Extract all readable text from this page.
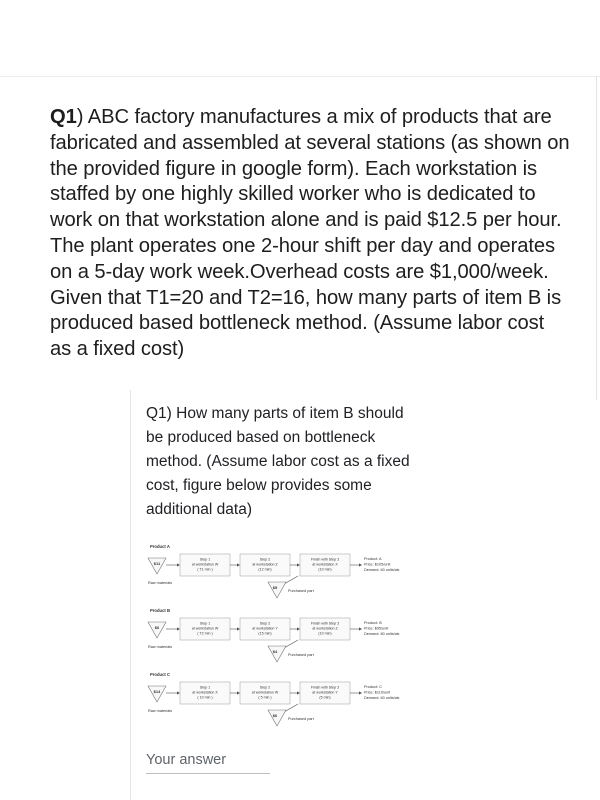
Q1) ABC factory manufactures a mix of products that are fabricated and assembled at several stations (as shown on the provided figure in google form). Each workstation is staffed by one highly skilled worker who is dedicated to work on that workstation alone and is paid $12.5 per hour. The plant operates one 2-hour shift per day and operates on a 5-day work week.Overhead costs are $1,000/week. Given that T1=20 and T2=16, how many parts of item B is produced based bottleneck method. (Assume labor cost as a fixed cost)
Q1) How many parts of item B should be produced based on bottleneck method. (Assume labor cost as a fixed cost, figure below provides some additional data)
Product A
$11
Raw materials
Step 1
at workstation W
( T1 min )
Step 2
at workstation Z
(12 min)
Finish with Step 3
at workstation X
(10 min)
$5
Purchased part
Product: A
Price: $105/unit
Demand: 60 units/wk
Product B
$6
Raw materials
Step 1
at workstation W
( T2 min )
Step 2
at workstation Y
(15 min)
Finish with Step 3
at workstation Z
(10 min)
$4
Purchased part
Product: B
Price: $95/unit
Demand: 80 units/wk
Product C
$14
Raw materials
Step 1
at workstation X
( 10 min )
Step 2
at workstation W
( 5 min )
Finish with Step 3
at workstation Y
(5 min)
$6
Purchased part
Product: C
Price: $110/unit
Demand: 60 units/wk
Your answer
